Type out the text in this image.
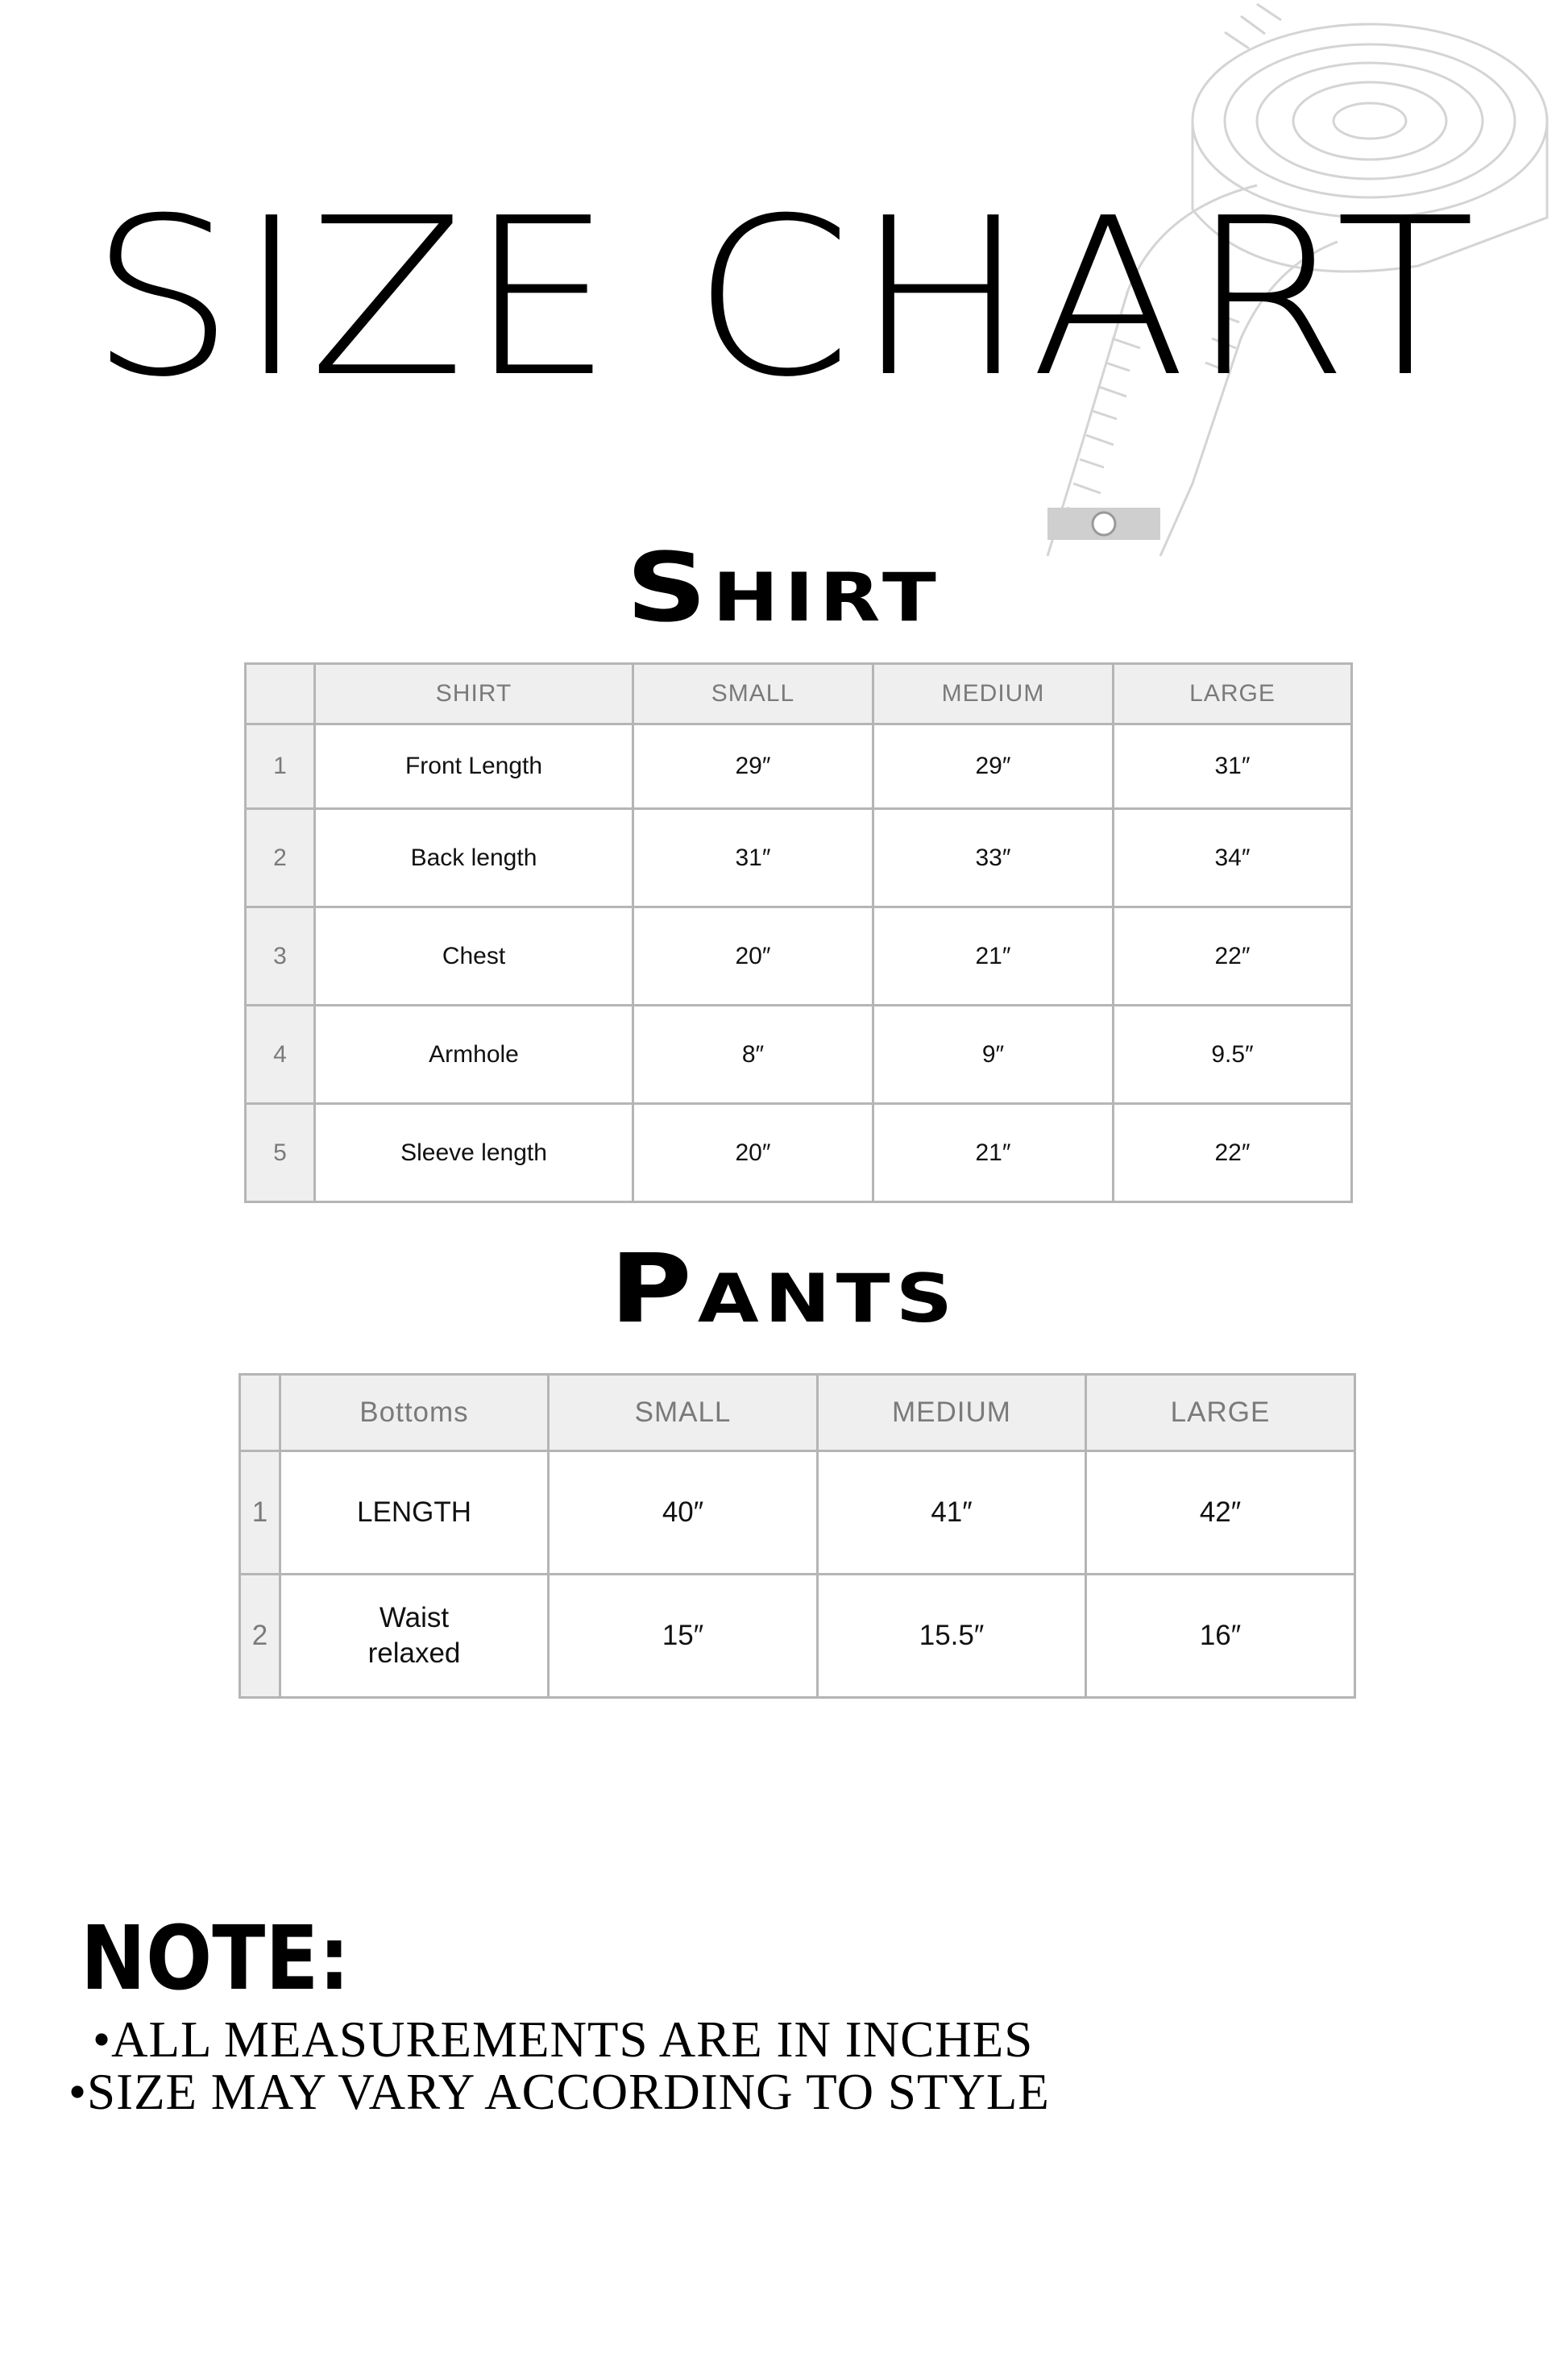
SIZE CHART
Shirt
	SHIRT	SMALL	MEDIUM	LARGE
1	Front Length	29″	29″	31″
2	Back length	31″	33″	34″
3	Chest	20″	21″	22″
4	Armhole	8″	9″	9.5″
5	Sleeve length	20″	21″	22″
Pants
	Bottoms	SMALL	MEDIUM	LARGE
1	LENGTH	40″	41″	42″
2	Waist
relaxed	15″	15.5″	16″
NOTE:
•ALL MEASUREMENTS ARE IN INCHES
•SIZE MAY VARY ACCORDING TO STYLE
